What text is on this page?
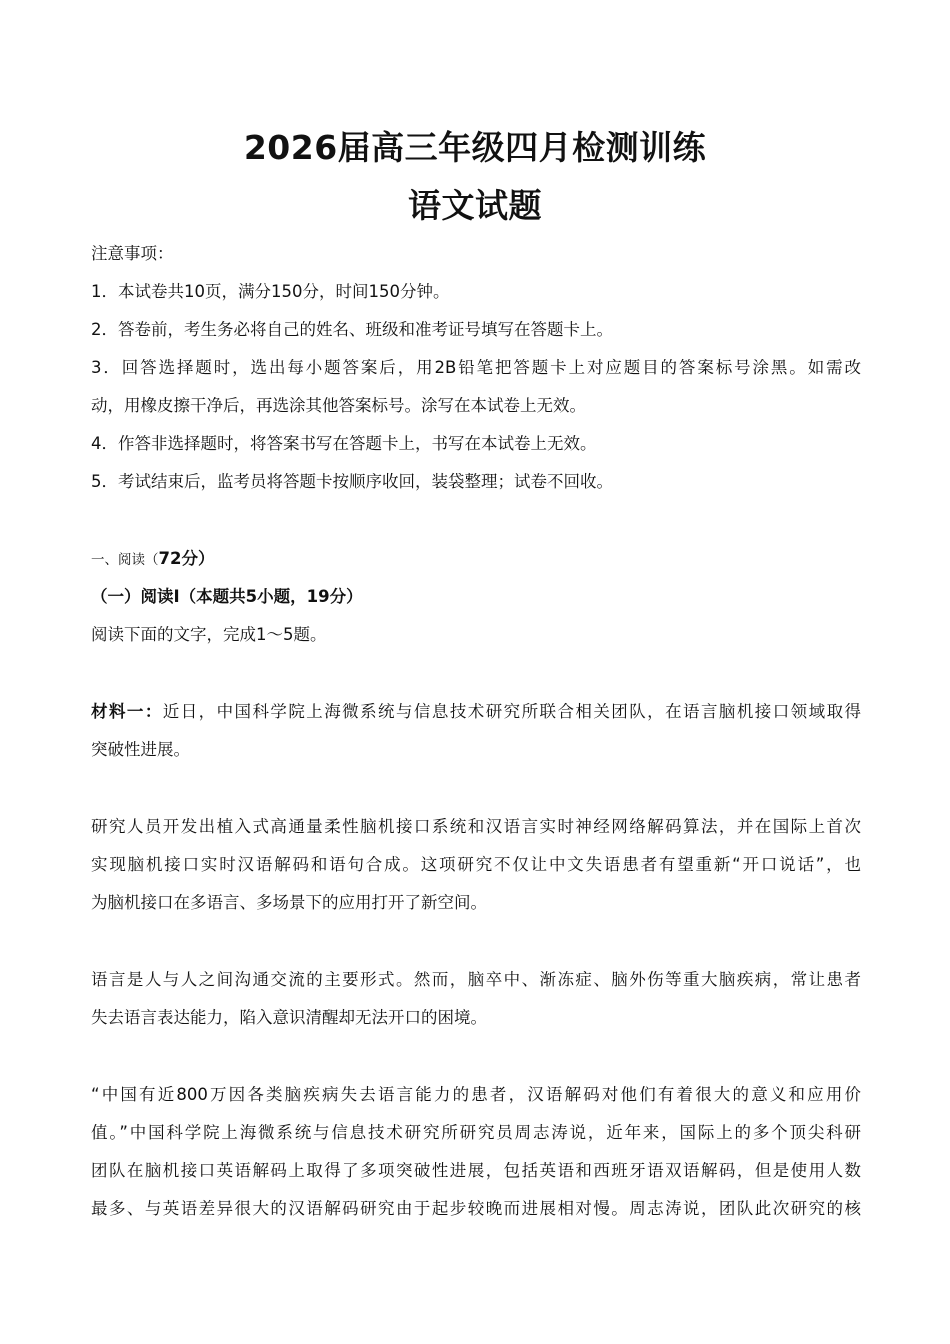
2026届高三年级四月检测训练
语文试题
注意事项：
1．本试卷共10页，满分150分，时间150分钟。
2．答卷前，考生务必将自己的姓名、班级和准考证号填写在答题卡上。
3．回答选择题时，选出每小题答案后，用2B铅笔把答题卡上对应题目的答案标号涂黑。如需改
动，用橡皮擦干净后，再选涂其他答案标号。涂写在本试卷上无效。
4．作答非选择题时，将答案书写在答题卡上，书写在本试卷上无效。
5．考试结束后，监考员将答题卡按顺序收回，装袋整理；试卷不回收。
一、阅读（72分）
（一）阅读Ⅰ（本题共5小题，19分）
阅读下面的文字，完成1～5题。
材料一：近日，中国科学院上海微系统与信息技术研究所联合相关团队，在语言脑机接口领域取得
突破性进展。
研究人员开发出植入式高通量柔性脑机接口系统和汉语言实时神经网络解码算法，并在国际上首次
实现脑机接口实时汉语解码和语句合成。这项研究不仅让中文失语患者有望重新“开口说话”，也
为脑机接口在多语言、多场景下的应用打开了新空间。
语言是人与人之间沟通交流的主要形式。然而，脑卒中、渐冻症、脑外伤等重大脑疾病，常让患者
失去语言表达能力，陷入意识清醒却无法开口的困境。
“中国有近800万因各类脑疾病失去语言能力的患者，汉语解码对他们有着很大的意义和应用价
值。”中国科学院上海微系统与信息技术研究所研究员周志涛说，近年来，国际上的多个顶尖科研
团队在脑机接口英语解码上取得了多项突破性进展，包括英语和西班牙语双语解码，但是使用人数
最多、与英语差异很大的汉语解码研究由于起步较晚而进展相对慢。周志涛说，团队此次研究的核
